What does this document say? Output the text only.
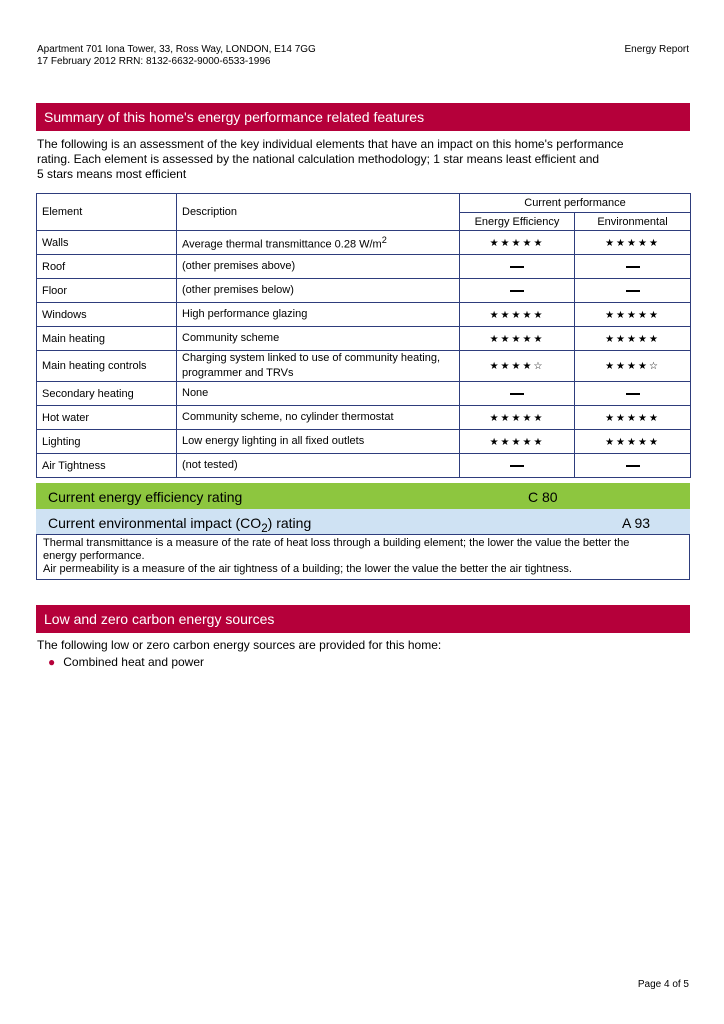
Apartment 701 Iona Tower, 33, Ross Way, LONDON, E14 7GG
17 February 2012 RRN: 8132-6632-9000-6533-1996
Energy Report
Summary of this home's energy performance related features
The following is an assessment of the key individual elements that have an impact on this home's performance
rating. Each element is assessed by the national calculation methodology; 1 star means least efficient and
5 stars means most efficient
Element	Description	Current performance	
		Energy Efficiency	Environmental
Walls	Average thermal transmittance 0.28 $W/m^2$	★★★★★	★★★★★
Roof	(other premises above)		
Floor	(other premises below)		
Windows	High performance glazing	★★★★★	★★★★★
Main heating	Community scheme	★★★★★	★★★★★
Main heating controls	Charging system linked to use of community heating,
programmer and TRVs	★★★★☆	★★★★☆
Secondary heating	None		
Hot water	Community scheme, no cylinder thermostat	★★★★★	★★★★★
Lighting	Low energy lighting in all fixed outlets	★★★★★	★★★★★
Air Tightness	(not tested)		
Current energy efficiency rating	C 80
Current environmental impact $(CO_2)$ rating	A 93
Thermal transmittance is a measure of the rate of heat loss through a building element; the lower the value the better the
energy performance.
Air permeability is a measure of the air tightness of a building; the lower the value the better the air tightness.
Low and zero carbon energy sources
The following low or zero carbon energy sources are provided for this home:
● Combined heat and power
Page 4 of 5
